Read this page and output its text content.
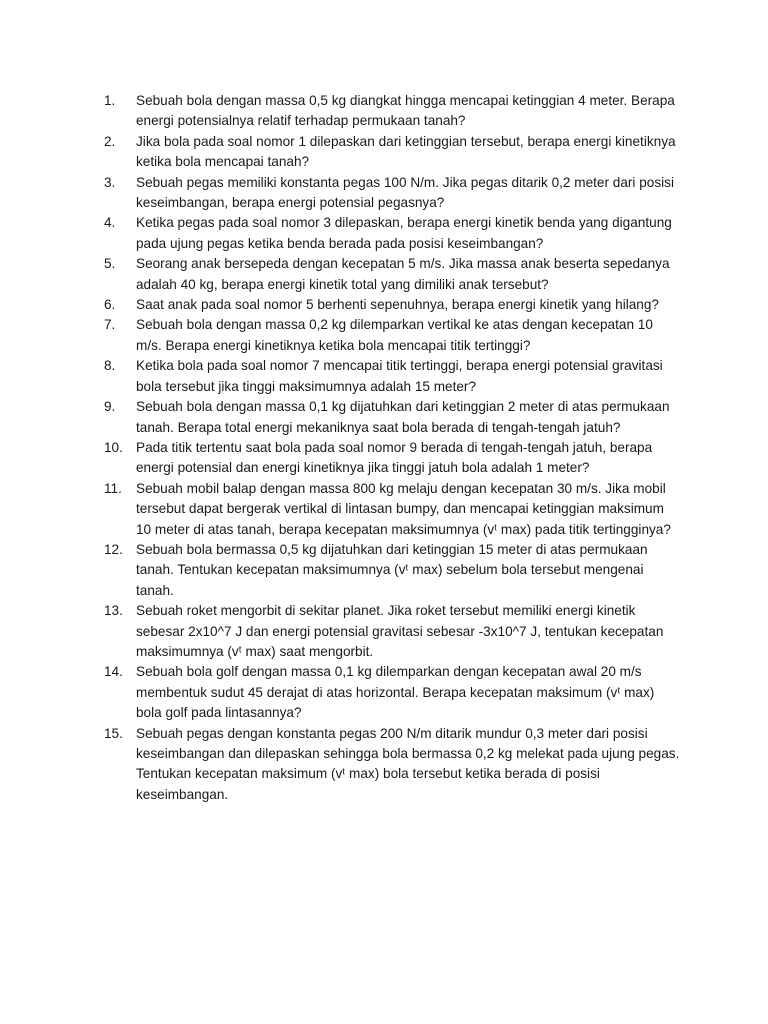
1.	Sebuah bola dengan massa 0,5 kg diangkat hingga mencapai ketinggian 4 meter. Berapa energi potensialnya relatif terhadap permukaan tanah?
2.	Jika bola pada soal nomor 1 dilepaskan dari ketinggian tersebut, berapa energi kinetiknya ketika bola mencapai tanah?
3.	Sebuah pegas memiliki konstanta pegas 100 N/m. Jika pegas ditarik 0,2 meter dari posisi keseimbangan, berapa energi potensial pegasnya?
4.	Ketika pegas pada soal nomor 3 dilepaskan, berapa energi kinetik benda yang digantung pada ujung pegas ketika benda berada pada posisi keseimbangan?
5.	Seorang anak bersepeda dengan kecepatan 5 m/s. Jika massa anak beserta sepedanya adalah 40 kg, berapa energi kinetik total yang dimiliki anak tersebut?
6.	Saat anak pada soal nomor 5 berhenti sepenuhnya, berapa energi kinetik yang hilang?
7.	Sebuah bola dengan massa 0,2 kg dilemparkan vertikal ke atas dengan kecepatan 10 m/s. Berapa energi kinetiknya ketika bola mencapai titik tertinggi?
8.	Ketika bola pada soal nomor 7 mencapai titik tertinggi, berapa energi potensial gravitasi bola tersebut jika tinggi maksimumnya adalah 15 meter?
9.	Sebuah bola dengan massa 0,1 kg dijatuhkan dari ketinggian 2 meter di atas permukaan tanah. Berapa total energi mekaniknya saat bola berada di tengah-tengah jatuh?
10. Pada titik tertentu saat bola pada soal nomor 9 berada di tengah-tengah jatuh, berapa energi potensial dan energi kinetiknya jika tinggi jatuh bola adalah 1 meter?
11.	Sebuah mobil balap dengan massa 800 kg melaju dengan kecepatan 30 m/s. Jika mobil tersebut dapat bergerak vertikal di lintasan bumpy, dan mencapai ketinggian maksimum 10 meter di atas tanah, berapa kecepatan maksimumnya (vᵗ max) pada titik tertingginya?
12. Sebuah bola bermassa 0,5 kg dijatuhkan dari ketinggian 15 meter di atas permukaan tanah. Tentukan kecepatan maksimumnya (vᵗ max) sebelum bola tersebut mengenai tanah.
13. Sebuah roket mengorbit di sekitar planet. Jika roket tersebut memiliki energi kinetik sebesar 2x10^7 J dan energi potensial gravitasi sebesar -3x10^7 J, tentukan kecepatan maksimumnya (vᵗ max) saat mengorbit.
14. Sebuah bola golf dengan massa 0,1 kg dilemparkan dengan kecepatan awal 20 m/s membentuk sudut 45 derajat di atas horizontal. Berapa kecepatan maksimum (vᵗ max) bola golf pada lintasannya?
15. Sebuah pegas dengan konstanta pegas 200 N/m ditarik mundur 0,3 meter dari posisi keseimbangan dan dilepaskan sehingga bola bermassa 0,2 kg melekat pada ujung pegas. Tentukan kecepatan maksimum (vᵗ max) bola tersebut ketika berada di posisi keseimbangan.
